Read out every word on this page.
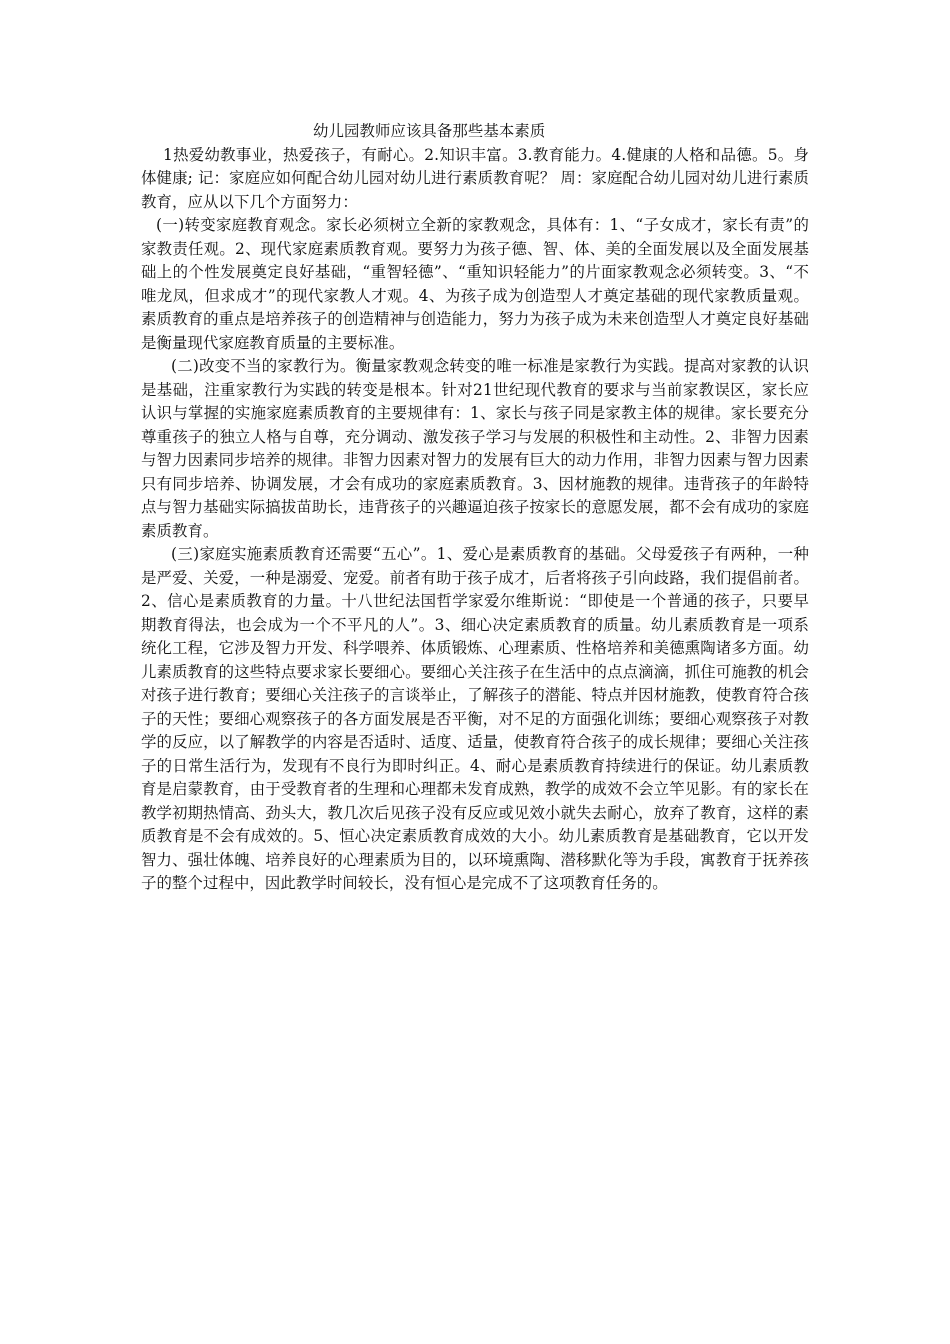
幼儿园教师应该具备那些基本素质

1热爱幼教事业，热爱孩子，有耐心。2.知识丰富。3.教育能力。4.健康的人格和品德。5。身体健康; 记：家庭应如何配合幼儿园对幼儿进行素质教育呢？ 周：家庭配合幼儿园对幼儿进行素质教育，应从以下几个方面努力：

(一)转变家庭教育观念。家长必须树立全新的家教观念，具体有：1、“子女成才，家长有责”的家教责任观。2、现代家庭素质教育观。要努力为孩子德、智、体、美的全面发展以及全面发展基础上的个性发展奠定良好基础，“重智轻德”、“重知识轻能力”的片面家教观念必须转变。3、“不唯龙凤，但求成才”的现代家教人才观。4、为孩子成为创造型人才奠定基础的现代家教质量观。素质教育的重点是培养孩子的创造精神与创造能力，努力为孩子成为未来创造型人才奠定良好基础是衡量现代家庭教育质量的主要标准。

(二)改变不当的家教行为。衡量家教观念转变的唯一标准是家教行为实践。提高对家教的认识是基础，注重家教行为实践的转变是根本。针对21世纪现代教育的要求与当前家教误区，家长应认识与掌握的实施家庭素质教育的主要规律有：1、家长与孩子同是家教主体的规律。家长要充分尊重孩子的独立人格与自尊，充分调动、激发孩子学习与发展的积极性和主动性。2、非智力因素与智力因素同步培养的规律。非智力因素对智力的发展有巨大的动力作用，非智力因素与智力因素只有同步培养、协调发展，才会有成功的家庭素质教育。3、因材施教的规律。违背孩子的年龄特点与智力基础实际搞拔苗助长，违背孩子的兴趣逼迫孩子按家长的意愿发展，都不会有成功的家庭素质教育。

(三)家庭实施素质教育还需要“五心”。1、爱心是素质教育的基础。父母爱孩子有两种，一种是严爱、关爱，一种是溺爱、宠爱。前者有助于孩子成才，后者将孩子引向歧路，我们提倡前者。2、信心是素质教育的力量。十八世纪法国哲学家爱尔维斯说：“即使是一个普通的孩子，只要早期教育得法，也会成为一个不平凡的人”。3、细心决定素质教育的质量。幼儿素质教育是一项系统化工程，它涉及智力开发、科学喂养、体质锻炼、心理素质、性格培养和美德熏陶诸多方面。幼儿素质教育的这些特点要求家长要细心。要细心关注孩子在生活中的点点滴滴，抓住可施教的机会对孩子进行教育；要细心关注孩子的言谈举止，了解孩子的潜能、特点并因材施教，使教育符合孩子的天性；要细心观察孩子的各方面发展是否平衡，对不足的方面强化训练；要细心观察孩子对教学的反应，以了解教学的内容是否适时、适度、适量，使教育符合孩子的成长规律；要细心关注孩子的日常生活行为，发现有不良行为即时纠正。4、耐心是素质教育持续进行的保证。幼儿素质教育是启蒙教育，由于受教育者的生理和心理都未发育成熟，教学的成效不会立竿见影。有的家长在教学初期热情高、劲头大，教几次后见孩子没有反应或见效小就失去耐心，放弃了教育，这样的素质教育是不会有成效的。5、恒心决定素质教育成效的大小。幼儿素质教育是基础教育，它以开发智力、强壮体魄、培养良好的心理素质为目的，以环境熏陶、潜移默化等为手段，寓教育于抚养孩子的整个过程中，因此教学时间较长，没有恒心是完成不了这项教育任务的。
